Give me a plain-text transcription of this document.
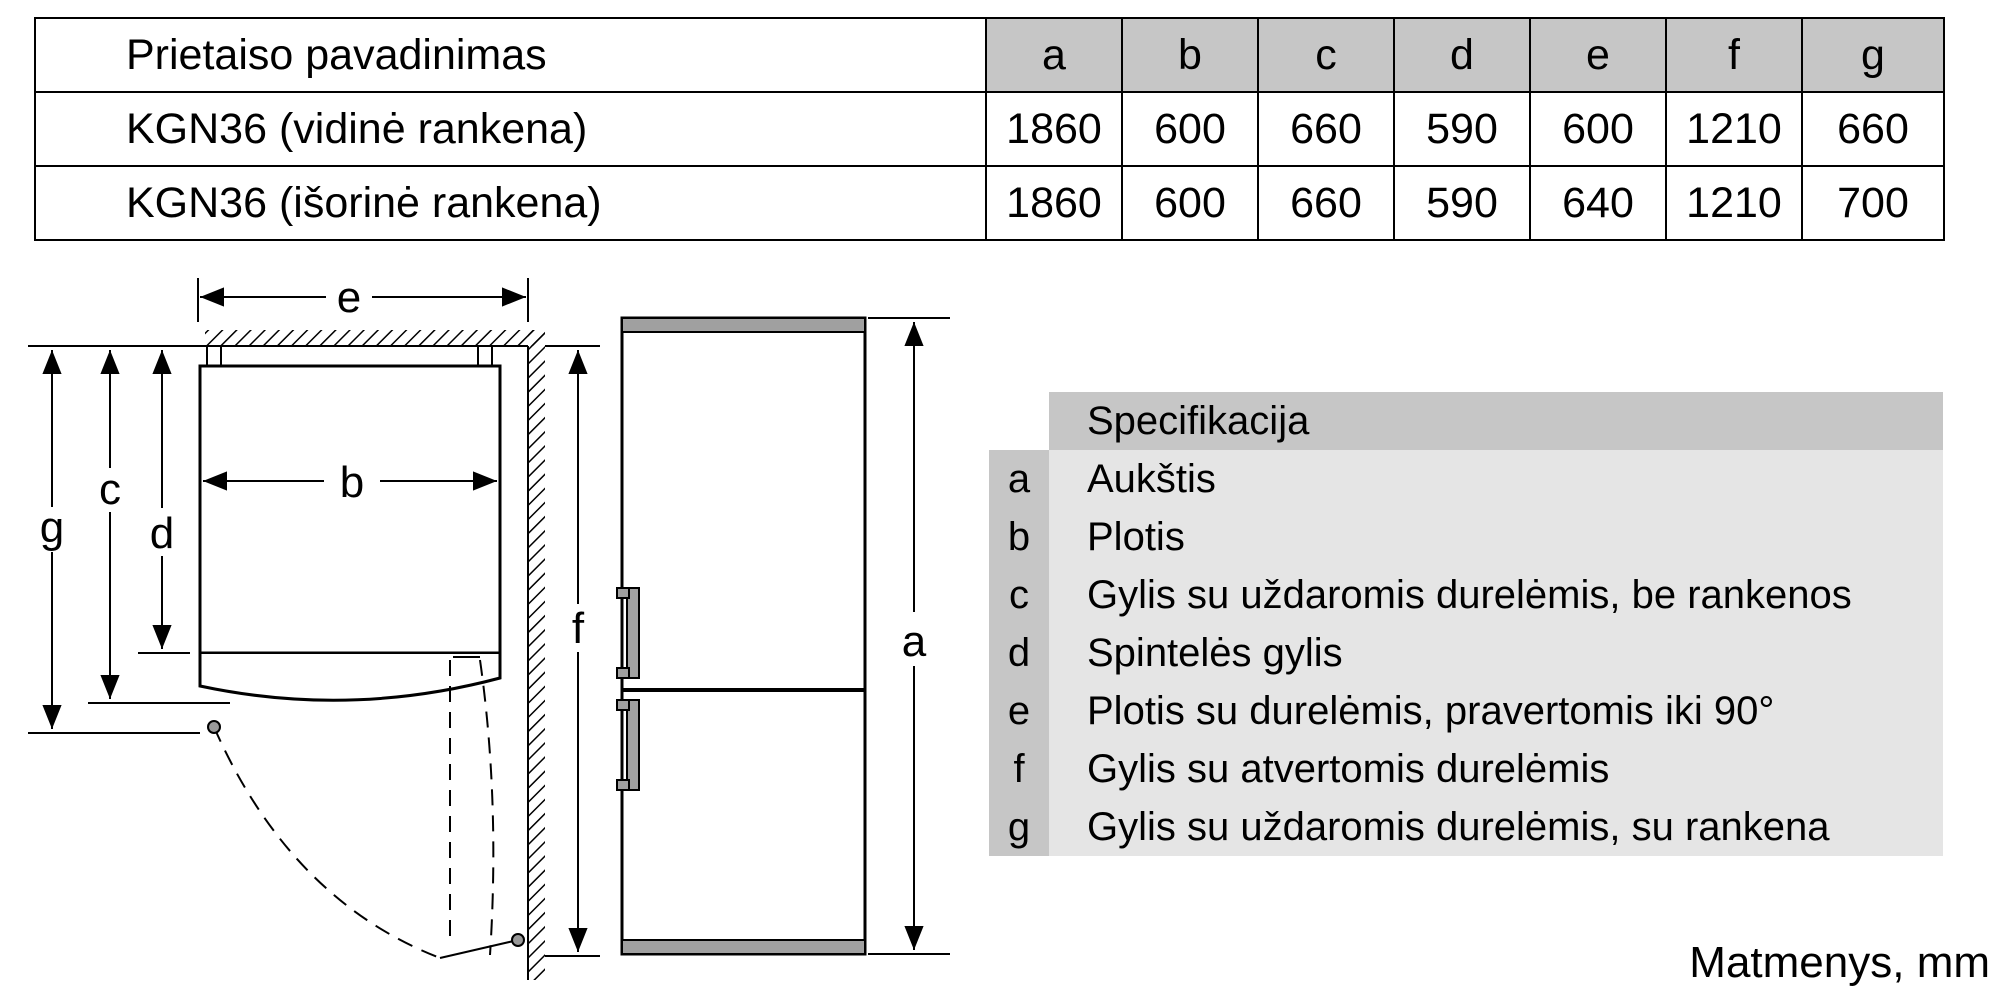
Prietaiso pavadinimas	a	b	c	d	e	f	g
KGN36 (vidinė rankena)	1860	600	660	590	600	1210	660
KGN36 (išorinė rankena)	1860	600	660	590	640	1210	700
e
b
g
c
d
f	a
Specifikacija
a	Aukštis
b	Plotis
c	Gylis su uždaromis durelėmis, be rankenos
d	Spintelės gylis
e	Plotis su durelėmis, pravertomis iki 90°
f	Gylis su atvertomis durelėmis
g	Gylis su uždaromis durelėmis, su rankena
Matmenys, mm
